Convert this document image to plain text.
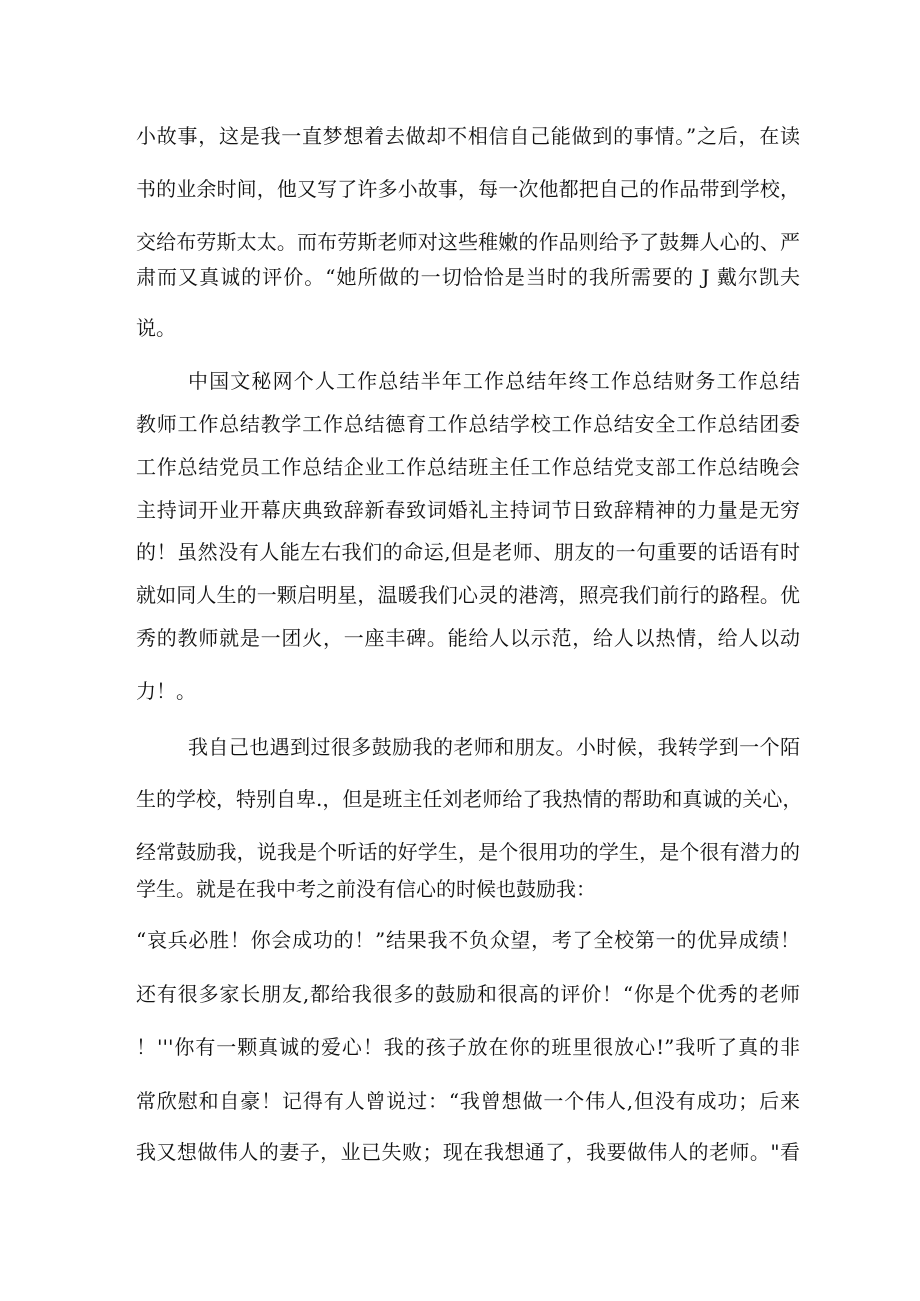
小故事，这是我一直梦想着去做却不相信自己能做到的事情。”之后，在读
书的业余时间，他又写了许多小故事，每一次他都把自己的作品带到学校，
交给布劳斯太太。而布劳斯老师对这些稚嫩的作品则给予了鼓舞人心的、严
肃而又真诚的评价。“她所做的一切恰恰是当时的我所需要的 J 戴尔凯夫
说。
中国文秘网个人工作总结半年工作总结年终工作总结财务工作总结
教师工作总结教学工作总结德育工作总结学校工作总结安全工作总结团委
工作总结党员工作总结企业工作总结班主任工作总结党支部工作总结晚会
主持词开业开幕庆典致辞新春致词婚礼主持词节日致辞精神的力量是无穷
的！虽然没有人能左右我们的命运,但是老师、朋友的一句重要的话语有时
就如同人生的一颗启明星，温暖我们心灵的港湾，照亮我们前行的路程。优
秀的教师就是一团火，一座丰碑。能给人以示范，给人以热情，给人以动
力！。
我自己也遇到过很多鼓励我的老师和朋友。小时候，我转学到一个陌
生的学校，特别自卑.，但是班主任刘老师给了我热情的帮助和真诚的关心，
经常鼓励我，说我是个听话的好学生，是个很用功的学生，是个很有潜力的
学生。就是在我中考之前没有信心的时候也鼓励我：
“哀兵必胜！你会成功的！”结果我不负众望，考了全校第一的优异成绩！
还有很多家长朋友,都给我很多的鼓励和很高的评价！“你是个优秀的老师
！'''你有一颗真诚的爱心！我的孩子放在你的班里很放心!”我听了真的非
常欣慰和自豪！记得有人曾说过：“我曾想做一个伟人,但没有成功；后来
我又想做伟人的妻子，业已失败；现在我想通了，我要做伟人的老师。"看
